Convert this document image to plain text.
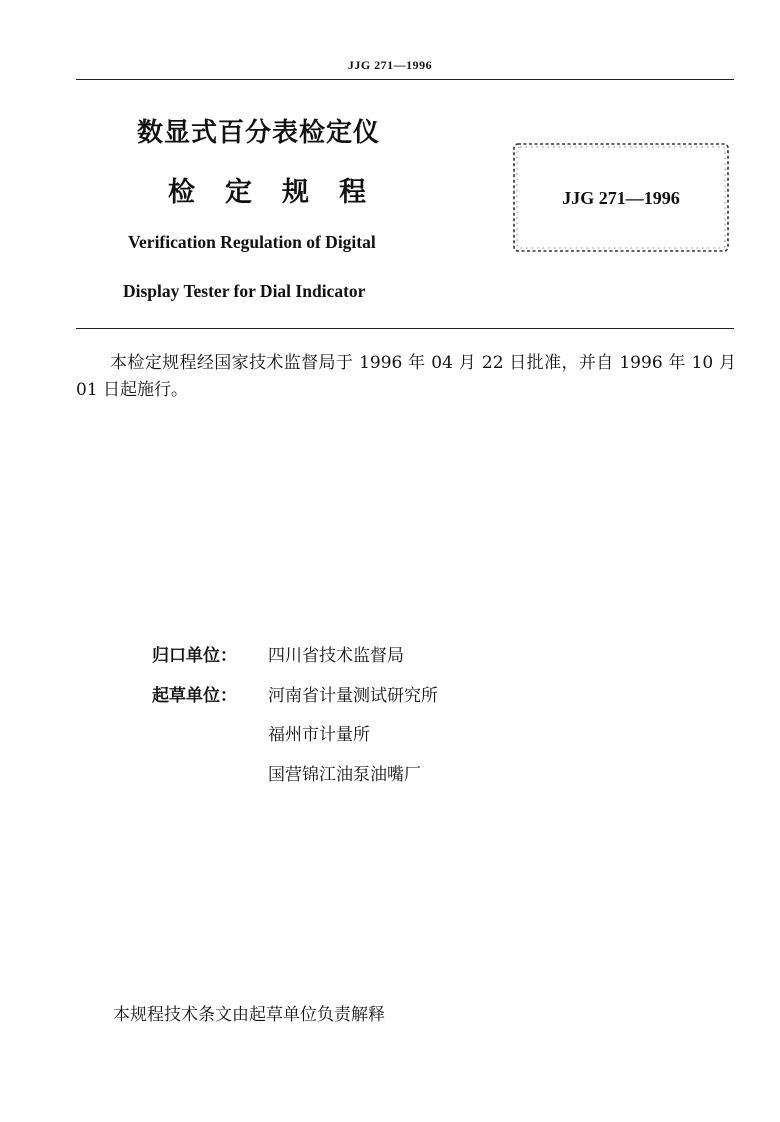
JJG 271—1996
数显式百分表检定仪
检定规程
Verification Regulation of Digital
Display Tester for Dial Indicator
JJG 271—1996
本检定规程经国家技术监督局于 1996 年 04 月 22 日批准，并自 1996 年 10 月 01 日起施行。
归口单位： 四川省技术监督局
起草单位： 河南省计量测试研究所
福州市计量所
国营锦江油泵油嘴厂
本规程技术条文由起草单位负责解释
